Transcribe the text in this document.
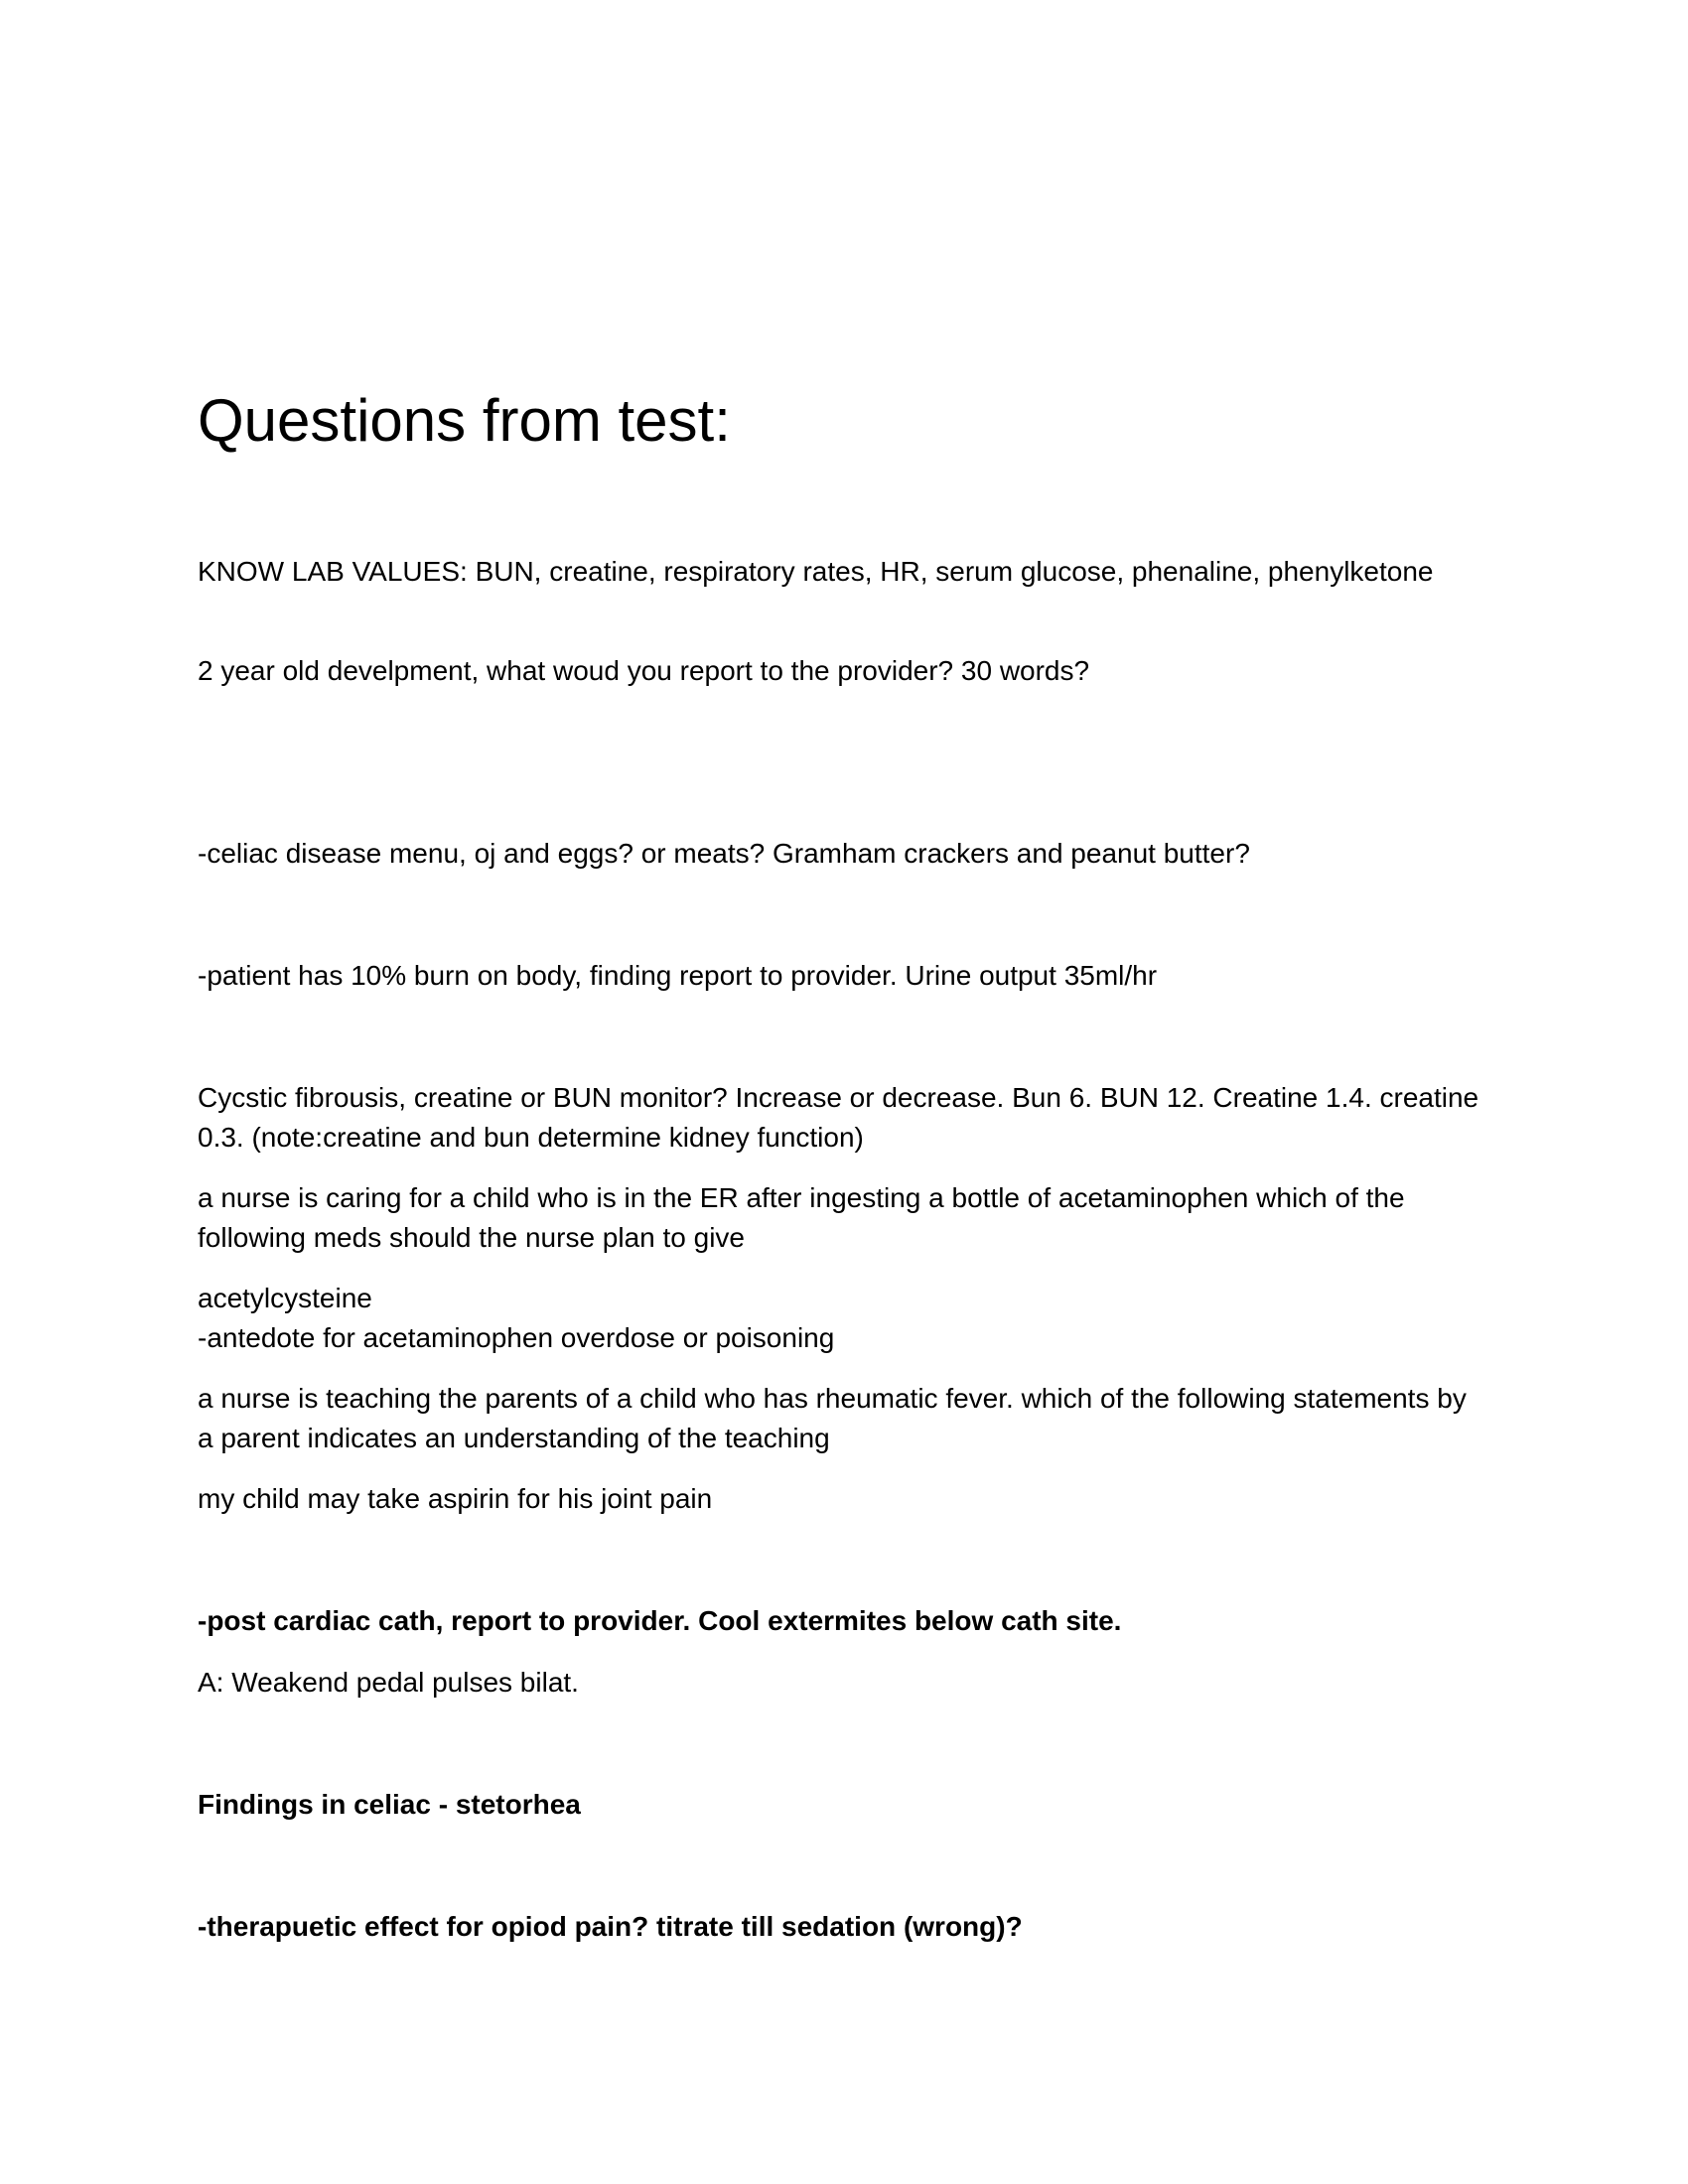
Questions from test:

KNOW LAB VALUES: BUN, creatine, respiratory rates, HR, serum glucose, phenaline, phenylketone

2 year old develpment, what woud you report to the provider? 30 words?

-celiac disease menu, oj and eggs? or meats? Gramham crackers and peanut butter?

-patient has 10% burn on body, finding report to provider. Urine output 35ml/hr

Cycstic fibrousis, creatine or BUN monitor? Increase or decrease. Bun 6. BUN 12. Creatine 1.4. creatine
0.3. (note:creatine and bun determine kidney function)

a nurse is caring for a child who is in the ER after ingesting a bottle of acetaminophen which of the
following meds should the nurse plan to give

acetylcysteine
-antedote for acetaminophen overdose or poisoning

a nurse is teaching the parents of a child who has rheumatic fever. which of the following statements by
a parent indicates an understanding of the teaching

my child may take aspirin for his joint pain

-post cardiac cath, report to provider. Cool extermites below cath site.

A: Weakend pedal pulses bilat.

Findings in celiac - stetorhea

-therapuetic effect for opiod pain? titrate till sedation (wrong)?
